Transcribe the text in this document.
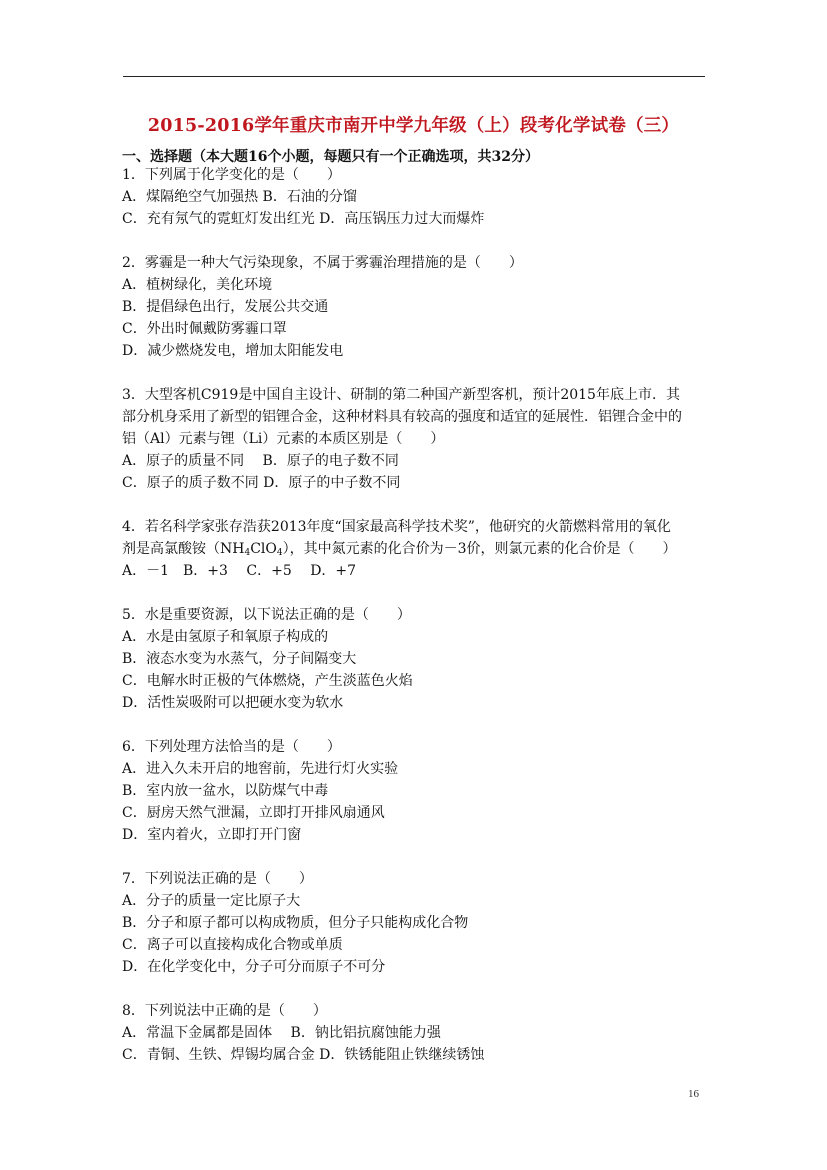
2015-2016学年重庆市南开中学九年级（上）段考化学试卷（三）
一、选择题（本大题16个小题，每题只有一个正确选项，共32分）
1．下列属于化学变化的是（　　）
A．煤隔绝空气加强热 B．石油的分馏
C．充有氖气的霓虹灯发出红光 D．高压锅压力过大而爆炸
2．雾霾是一种大气污染现象，不属于雾霾治理措施的是（　　）
A．植树绿化，美化环境
B．提倡绿色出行，发展公共交通
C．外出时佩戴防雾霾口罩
D．减少燃烧发电，增加太阳能发电
3．大型客机C919是中国自主设计、研制的第二种国产新型客机，预计2015年底上市．其
部分机身采用了新型的铝锂合金，这种材料具有较高的强度和适宜的延展性．铝锂合金中的
铝（Al）元素与锂（Li）元素的本质区别是（　　）
A．原子的质量不同　 B．原子的电子数不同
C．原子的质子数不同 D．原子的中子数不同
4．若名科学家张存浩获2013年度“国家最高科学技术奖”，他研究的火箭燃料常用的氧化
剂是高氯酸铵$(NH_4ClO_4)$，其中氮元素的化合价为－3价，则氯元素的化合价是（　　）
A．－1　B．+3　 C．+5　 D．+7
5．水是重要资源，以下说法正确的是（　　）
A．水是由氢原子和氧原子构成的
B．液态水变为水蒸气，分子间隔变大
C．电解水时正极的气体燃烧，产生淡蓝色火焰
D．活性炭吸附可以把硬水变为软水
6．下列处理方法恰当的是（　　）
A．进入久未开启的地窖前，先进行灯火实验
B．室内放一盆水，以防煤气中毒
C．厨房天然气泄漏，立即打开排风扇通风
D．室内着火，立即打开门窗
7．下列说法正确的是（　　）
A．分子的质量一定比原子大
B．分子和原子都可以构成物质，但分子只能构成化合物
C．离子可以直接构成化合物或单质
D．在化学变化中，分子可分而原子不可分
8．下列说法中正确的是（　　）
A．常温下金属都是固体　 B．钠比铝抗腐蚀能力强
C．青铜、生铁、焊锡均属合金 D．铁锈能阻止铁继续锈蚀
16
